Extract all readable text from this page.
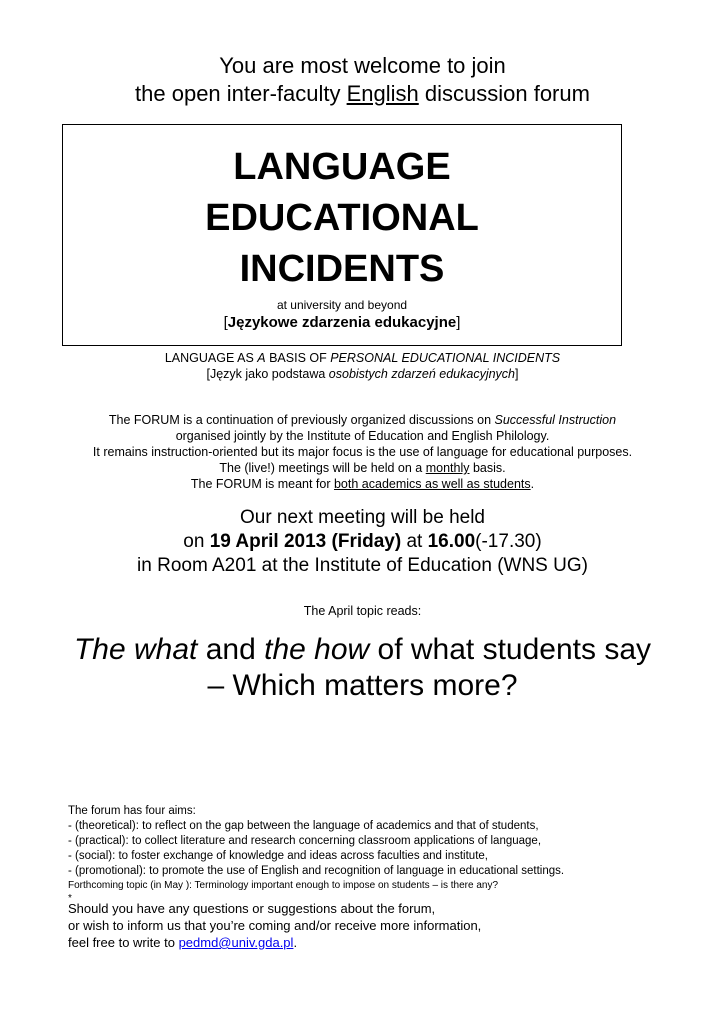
You are most welcome to join
the open inter-faculty English discussion forum
LANGUAGE
EDUCATIONAL
INCIDENTS
at university and beyond
[Językowe zdarzenia edukacyjne]
LANGUAGE AS A BASIS OF PERSONAL EDUCATIONAL INCIDENTS
[Język jako podstawa osobistych zdarzeń edukacyjnych]
The FORUM is a continuation of previously organized discussions on Successful Instruction
organised jointly by the Institute of Education and English Philology.
It remains instruction-oriented but its major focus is the use of language for educational purposes.
The (live!) meetings will be held on a monthly basis.
The FORUM is meant for both academics as well as students.
Our next meeting will be held
on 19 April 2013 (Friday) at 16.00(-17.30)
in Room A201 at the Institute of Education (WNS UG)
The April topic reads:
The what and the how of what students say
– Which matters more?
The forum has four aims:
- (theoretical): to reflect on the gap between the language of academics and that of students,
- (practical): to collect literature and research concerning classroom applications of language,
- (social): to foster exchange of knowledge and ideas across faculties and institute,
- (promotional): to promote the use of English and recognition of language in educational settings.
Forthcoming topic (in May ): Terminology important enough to impose on students – is there any?
*
Should you have any questions or suggestions about the forum,
or wish to inform us that you’re coming and/or receive more information,
feel free to write to pedmd@univ.gda.pl.
